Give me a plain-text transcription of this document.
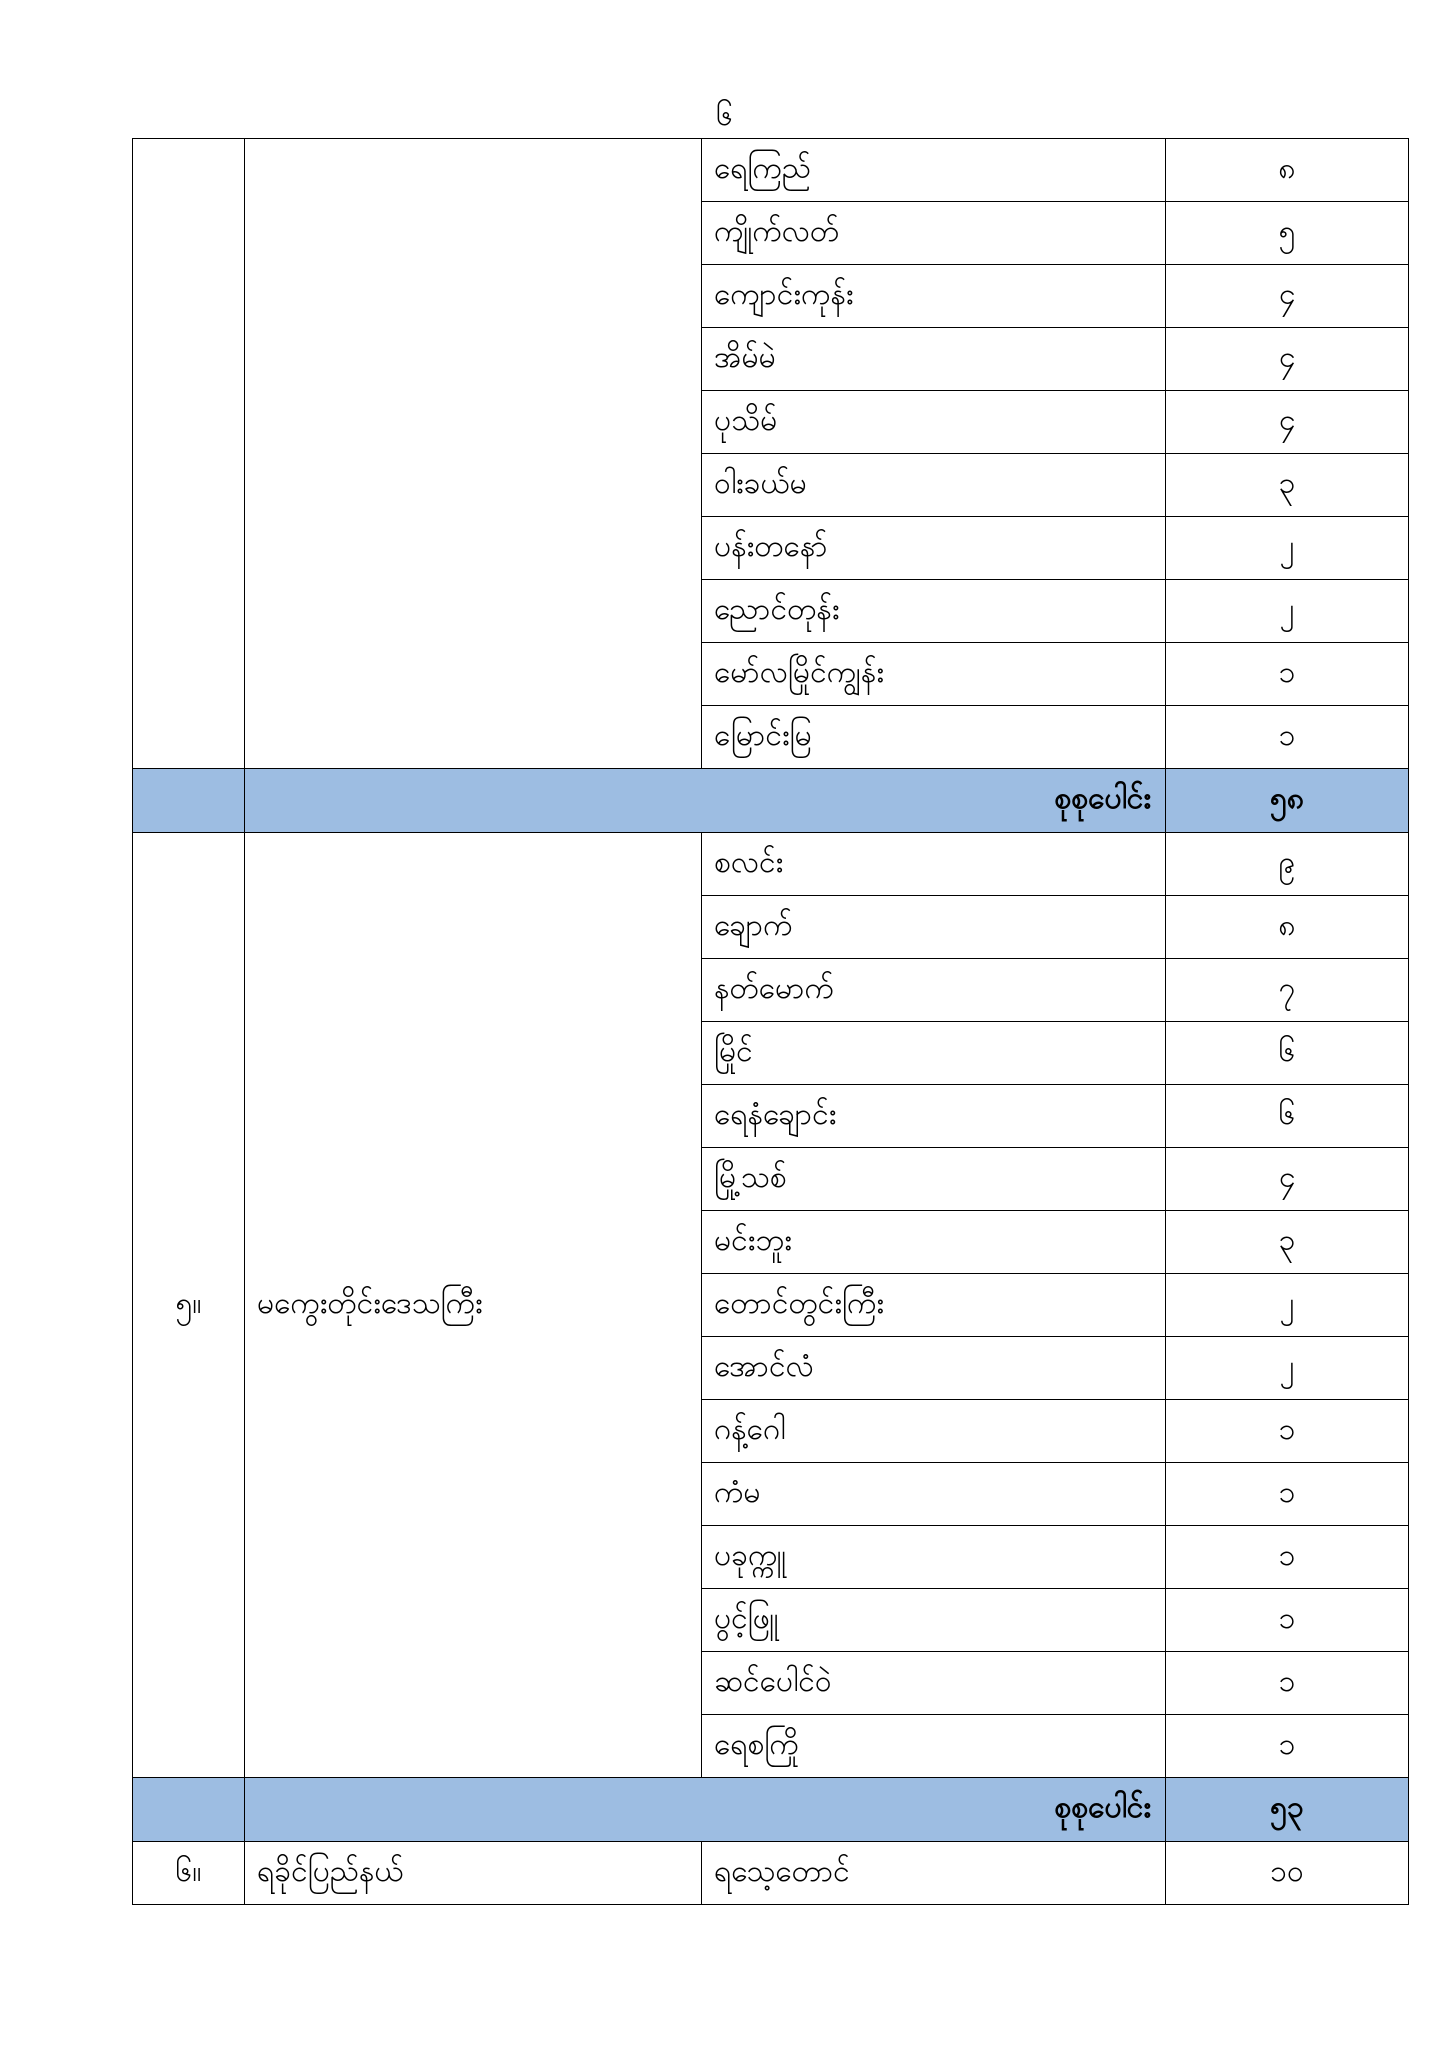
၆
		ရေကြည်	၈
		ကျိုက်လတ်	၅
		ကျောင်းကုန်း	၄
		အိမ်မဲ	၄
		ပုသိမ်	၄
		ဝါးခယ်မ	၃
		ပန်းတနော်	၂
		ညောင်တုန်း	၂
		မော်လမြိုင်ကျွန်း	၁
		မြောင်းမြ	၁
	စုစုပေါင်း		၅၈
၅။	မကွေးတိုင်းဒေသကြီး	စလင်း	၉
		ချောက်	၈
		နတ်မောက်	၇
		မြိုင်	၆
		ရေနံချောင်း	၆
		မြို့သစ်	၄
		မင်းဘူး	၃
		တောင်တွင်းကြီး	၂
		အောင်လံ	၂
		ဂန့်ဂေါ	၁
		ကံမ	၁
		ပခုက္ကူ	၁
		ပွင့်ဖြူ	၁
		ဆင်ပေါင်ဝဲ	၁
		ရေစကြို	၁
	စုစုပေါင်း		၅၃
၆။	ရခိုင်ပြည်နယ်	ရသေ့တောင်	၁၀
